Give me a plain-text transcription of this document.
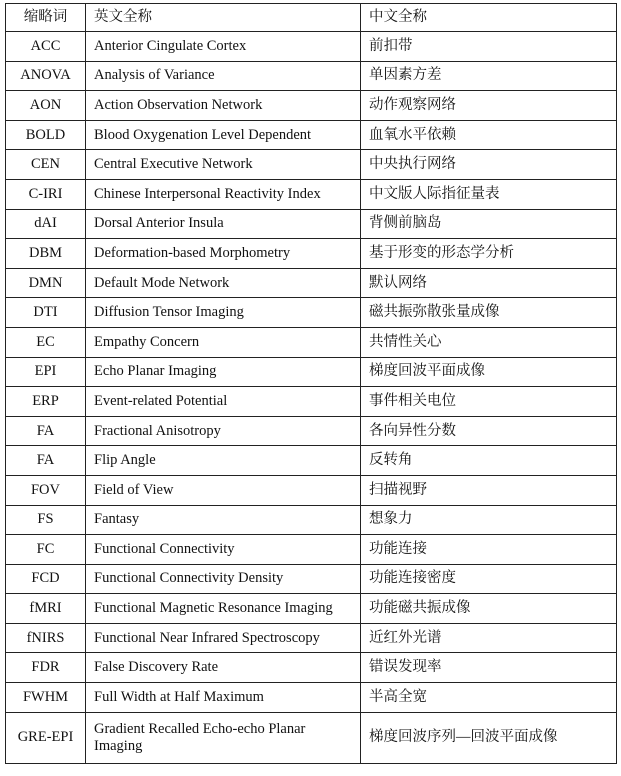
缩略词	英文全称	中文全称
ACC	Anterior Cingulate Cortex	前扣带
ANOVA	Analysis of Variance	单因素方差
AON	Action Observation Network	动作观察网络
BOLD	Blood Oxygenation Level Dependent	血氧水平依赖
CEN	Central Executive Network	中央执行网络
C-IRI	Chinese Interpersonal Reactivity Index	中文版人际指征量表
dAI	Dorsal Anterior Insula	背侧前脑岛
DBM	Deformation-based Morphometry	基于形变的形态学分析
DMN	Default Mode Network	默认网络
DTI	Diffusion Tensor Imaging	磁共振弥散张量成像
EC	Empathy Concern	共情性关心
EPI	Echo Planar Imaging	梯度回波平面成像
ERP	Event-related Potential	事件相关电位
FA	Fractional Anisotropy	各向异性分数
FA	Flip Angle	反转角
FOV	Field of View	扫描视野
FS	Fantasy	想象力
FC	Functional Connectivity	功能连接
FCD	Functional Connectivity Density	功能连接密度
fMRI	Functional Magnetic Resonance Imaging	功能磁共振成像
fNIRS	Functional Near Infrared Spectroscopy	近红外光谱
FDR	False Discovery Rate	错误发现率
FWHM	Full Width at Half Maximum	半高全宽
GRE-EPI	Gradient Recalled Echo-echo Planar Imaging	梯度回波序列—回波平面成像
